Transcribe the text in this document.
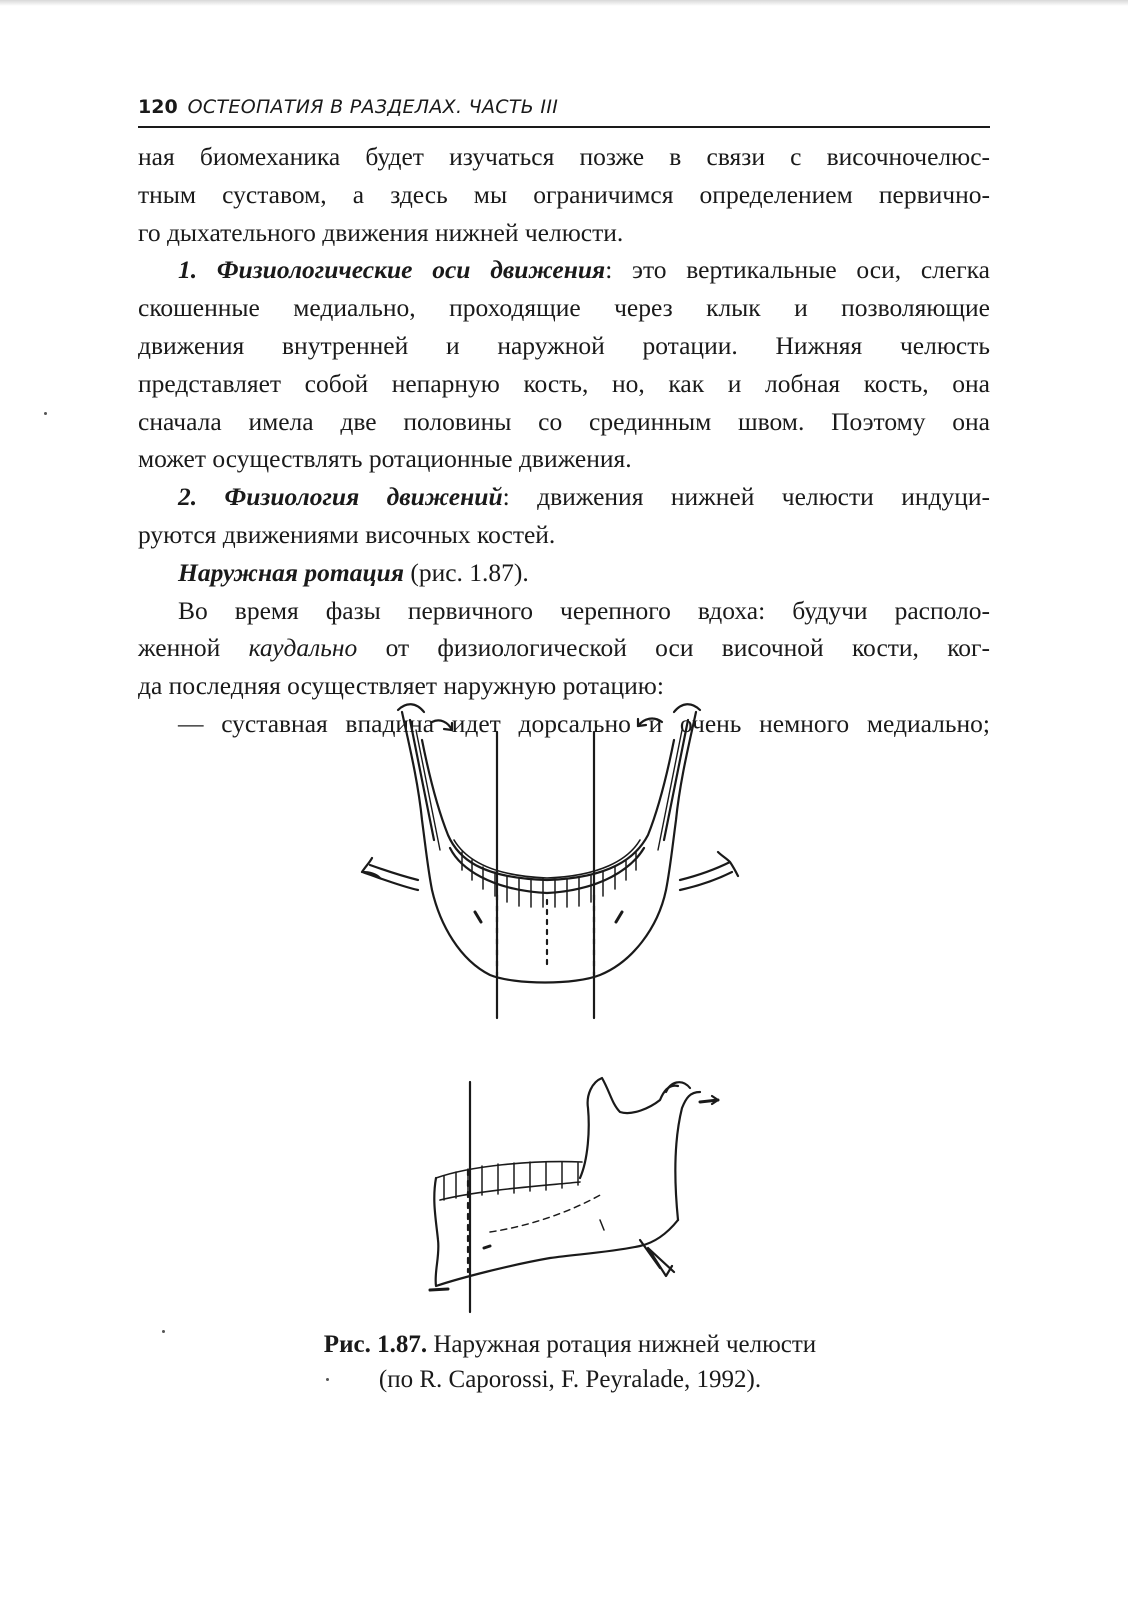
120 ОСТЕОПАТИЯ В РАЗДЕЛАХ. ЧАСТЬ III

ная биомеханика будет изучаться позже в связи с височночелюс-

тным суставом, а здесь мы ограничимся определением первично-

го дыхательного движения нижней челюсти.

1. Физиологические оси движения: это вертикальные оси, слегка

скошенные медиально, проходящие через клык и позволяющие

движения внутренней и наружной ротации. Нижняя челюсть

представляет собой непарную кость, но, как и лобная кость, она

сначала имела две половины со срединным швом. Поэтому она

может осуществлять ротационные движения.

2. Физиология движений: движения нижней челюсти индуци-

руются движениями височных костей.

Наружная ротация (рис. 1.87).

Во время фазы первичного черепного вдоха: будучи располо-

женной каудально от физиологической оси височной кости, ког-

да последняя осуществляет наружную ротацию:

— суставная впадина идет дорсально и очень немного медиально;

Рис. 1.87. Наружная ротация нижней челюсти
(по R. Caporossi, F. Peyralade, 1992).
